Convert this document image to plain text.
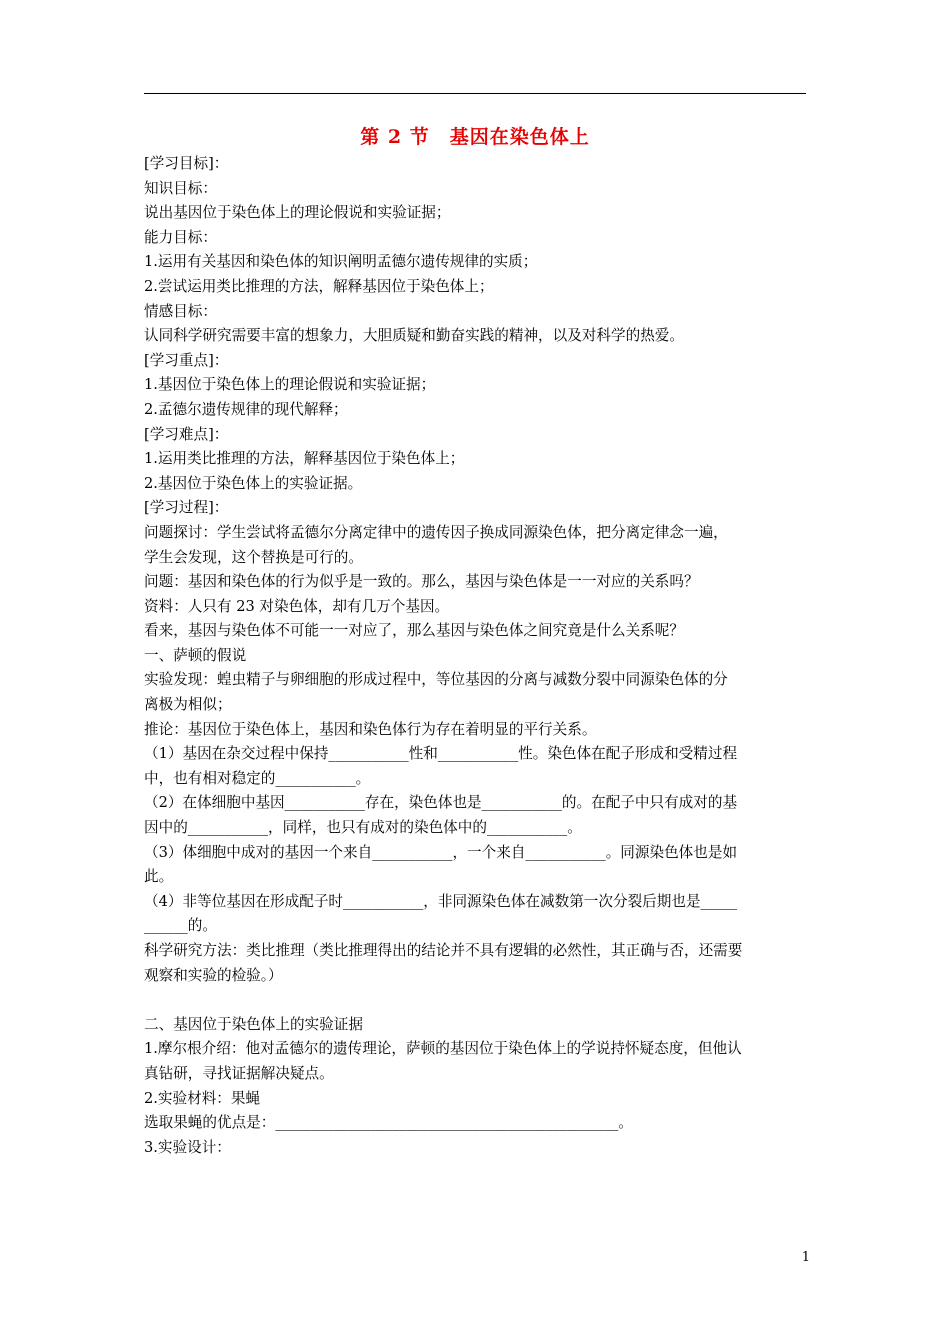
第 2 节　基因在染色体上

[学习目标]：

知识目标：

说出基因位于染色体上的理论假说和实验证据；

能力目标：

1.运用有关基因和染色体的知识阐明孟德尔遗传规律的实质；

2.尝试运用类比推理的方法，解释基因位于染色体上；

情感目标：

认同科学研究需要丰富的想象力，大胆质疑和勤奋实践的精神，以及对科学的热爱。

[学习重点]：

1.基因位于染色体上的理论假说和实验证据；

2.孟德尔遗传规律的现代解释；

[学习难点]：

1.运用类比推理的方法，解释基因位于染色体上；

2.基因位于染色体上的实验证据。

[学习过程]：

问题探讨：学生尝试将孟德尔分离定律中的遗传因子换成同源染色体，把分离定律念一遍，

学生会发现，这个替换是可行的。

问题：基因和染色体的行为似乎是一致的。那么，基因与染色体是一一对应的关系吗？

资料：人只有 23 对染色体，却有几万个基因。

看来，基因与染色体不可能一一对应了，那么基因与染色体之间究竟是什么关系呢？

一、萨顿的假说

实验发现：蝗虫精子与卵细胞的形成过程中，等位基因的分离与减数分裂中同源染色体的分

离极为相似；

推论：基因位于染色体上，基因和染色体行为存在着明显的平行关系。

（1）基因在杂交过程中保持___________性和___________性。染色体在配子形成和受精过程

中，也有相对稳定的___________。

（2）在体细胞中基因___________存在，染色体也是___________的。在配子中只有成对的基

因中的___________，同样，也只有成对的染色体中的___________。

（3）体细胞中成对的基因一个来自___________，一个来自___________。同源染色体也是如

此。

（4）非等位基因在形成配子时___________，非同源染色体在减数第一次分裂后期也是_____

______的。

科学研究方法：类比推理（类比推理得出的结论并不具有逻辑的必然性，其正确与否，还需要

观察和实验的检验。）

二、基因位于染色体上的实验证据

1.摩尔根介绍：他对孟德尔的遗传理论，萨顿的基因位于染色体上的学说持怀疑态度，但他认

真钻研，寻找证据解决疑点。

2.实验材料：果蝇

选取果蝇的优点是：_______________________________________________。

3.实验设计：

1
